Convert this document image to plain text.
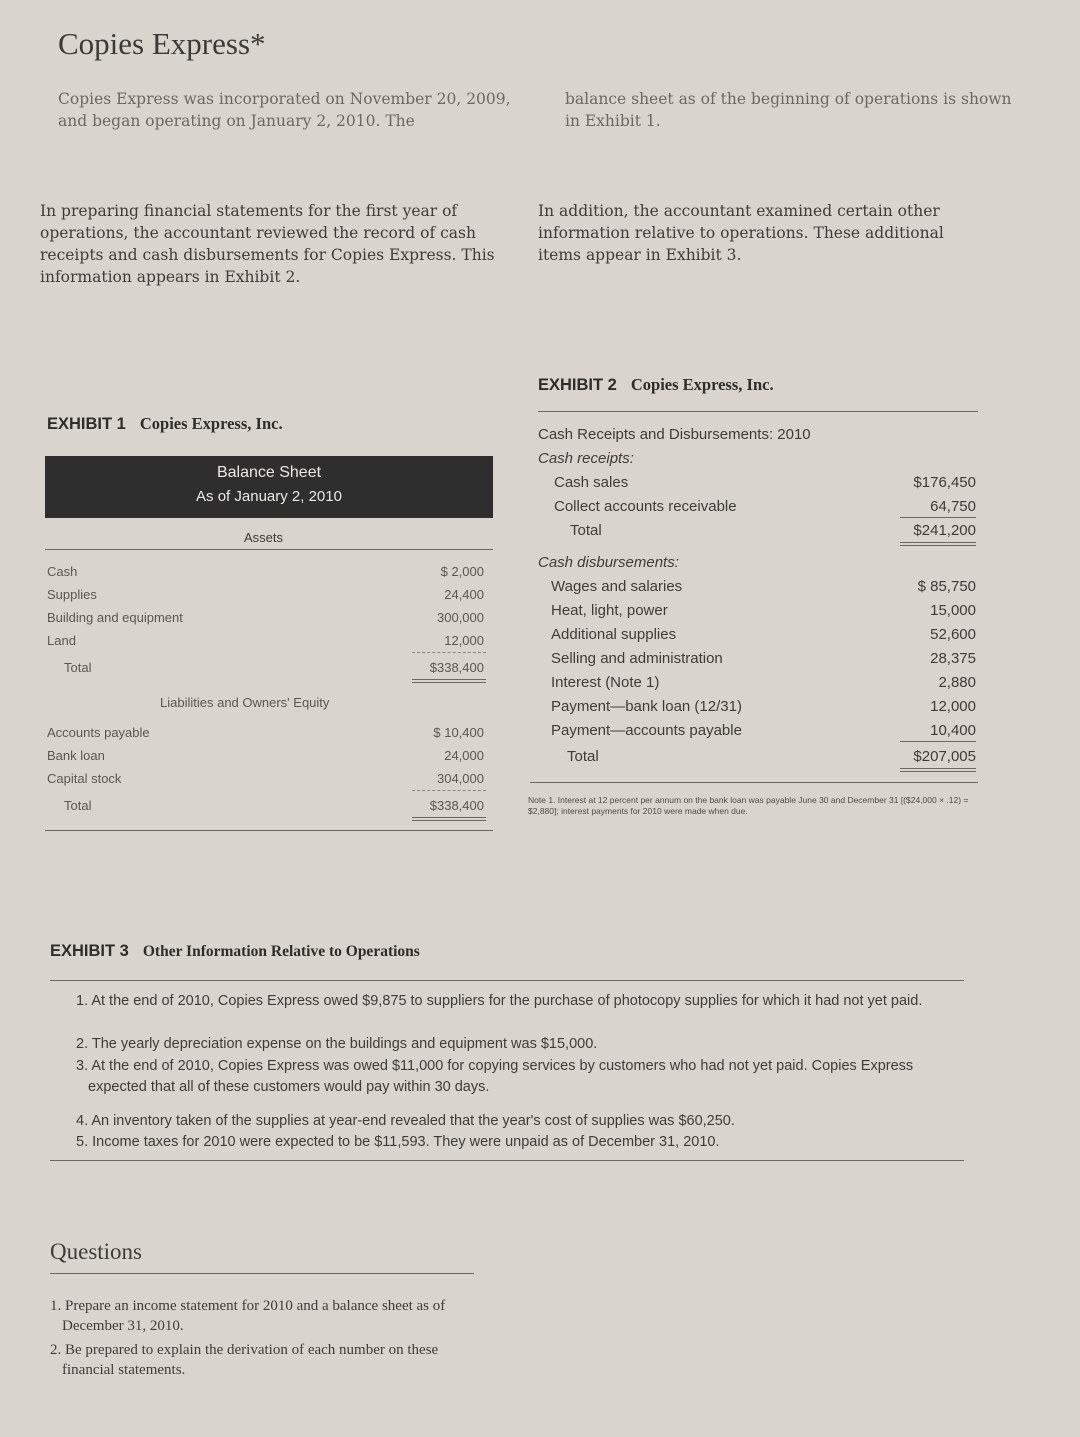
Copies Express*
Copies Express was incorporated on November 20, 2009, and began operating on January 2, 2010. The
balance sheet as of the beginning of operations is shown in Exhibit 1.
In preparing financial statements for the first year of operations, the accountant reviewed the record of cash receipts and cash disbursements for Copies Express. This information appears in Exhibit 2.
In addition, the accountant examined certain other information relative to operations. These additional items appear in Exhibit 3.
EXHIBIT 1 Copies Express, Inc.
Balance Sheet
As of January 2, 2010
Assets
Cash	$ 2,000
Supplies	24,400
Building and equipment	300,000
Land	12,000
Total	$338,400
Liabilities and Owners' Equity
Accounts payable	$ 10,400
Bank loan	24,000
Capital stock	304,000
Total	$338,400
EXHIBIT 2 Copies Express, Inc.
Cash Receipts and Disbursements: 2010
Cash receipts:
Cash sales	$176,450
Collect accounts receivable	64,750
Total	$241,200
Cash disbursements:
Wages and salaries	$ 85,750
Heat, light, power	15,000
Additional supplies	52,600
Selling and administration	28,375
Interest (Note 1)	2,880
Payment—bank loan (12/31)	12,000
Payment—accounts payable	10,400
Total	$207,005
Note 1. Interest at 12 percent per annum on the bank loan was payable June 30 and December 31 [($24,000 × .12) = $2,880]; interest payments for 2010 were made when due.
EXHIBIT 3 Other Information Relative to Operations
1. At the end of 2010, Copies Express owed $9,875 to suppliers for the purchase of photocopy supplies for which it had not yet paid.
2. The yearly depreciation expense on the buildings and equipment was $15,000.
3. At the end of 2010, Copies Express was owed $11,000 for copying services by customers who had not yet paid. Copies Express expected that all of these customers would pay within 30 days.
4. An inventory taken of the supplies at year-end revealed that the year's cost of supplies was $60,250.
5. Income taxes for 2010 were expected to be $11,593. They were unpaid as of December 31, 2010.
Questions
1. Prepare an income statement for 2010 and a balance sheet as of December 31, 2010.
2. Be prepared to explain the derivation of each number on these financial statements.
